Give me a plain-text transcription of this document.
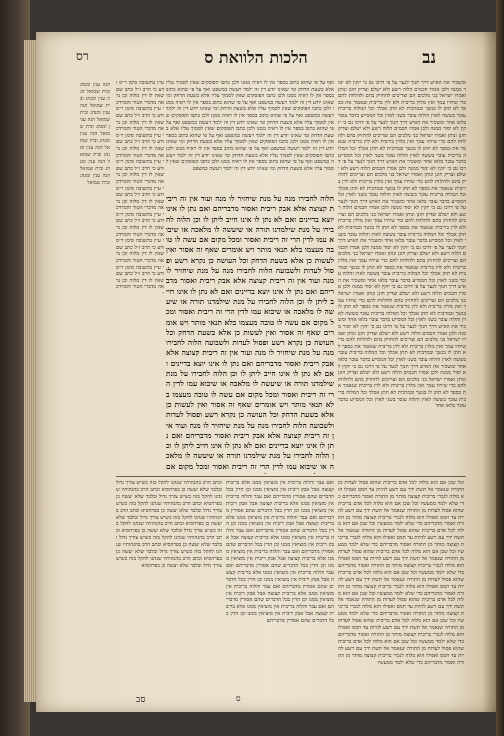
נב
הלכות הלוואת ס
רס
הגה ענין ומנהג ובית שמואל הגה ענין ומנהג ובית שמואל הגה ענין ומנהג ובית שמואל הגה ענין ומנהג ובית שמואל הגה ענין ומנהג ובית שמואל הגה ענין ומנהג ובית שמואל הגה ענין ומנהג ובית שמואל הגה ענין ומנהג ובית שמואל
ומשכיר את האיש דרך חנוך לנער על פי דרכו גם כי יזקין לא יסור ממנה ולכן אמרו חכמים הלוה רשע ולא ישלם וצדיק חונן ונותן ואמרו ישראל בני מלכים הם וצריכים להחזיק בהם ולהלוות להם כדי שיחיו עמך ואין מלוין בריבית ולא לוין בריבית שנאמר את כספך לא תתן לו בנשך ובמרבית לא תתן אכלך וכל המלוה בריבית עובר בששה לאוין והלוה עובר בשני לאוין וכל המסייע בדבר עובר בלאו אחד ומשכיר את האיש דרך חנוך לנער על פי דרכו גם כי יזקין לא יסור ממנה ולכן אמרו חכמים הלוה רשע ולא ישלם וצדיק חונן ונותן ואמרו ישראל בני מלכים הם וצריכים להחזיק בהם ולהלוות להם כדי שיחיו עמך ואין מלוין בריבית ולא לוין בריבית שנאמר את כספך לא תתן לו בנשך ובמרבית לא תתן אכלך וכל המלוה בריבית עובר בששה לאוין והלוה עובר בשני לאוין וכל המסייע בדבר עובר בלאו אחד ומשכיר את האיש דרך חנוך לנער על פי דרכו גם כי יזקין לא יסור ממנה ולכן אמרו חכמים הלוה רשע ולא ישלם וצדיק חונן ונותן ואמרו ישראל בני מלכים הם וצריכים להחזיק בהם ולהלוות להם כדי שיחיו עמך ואין מלוין בריבית ולא לוין בריבית שנאמר את כספך לא תתן לו בנשך ובמרבית לא תתן אכלך וכל המלוה בריבית עובר בששה לאוין והלוה עובר בשני לאוין וכל המסייע בדבר עובר בלאו אחד ומשכיר את האיש דרך חנוך לנער על פי דרכו גם כי יזקין לא יסור ממנה ולכן אמרו חכמים הלוה רשע ולא ישלם וצדיק חונן ונותן ואמרו ישראל בני מלכים הם וצריכים להחזיק בהם ולהלוות להם כדי שיחיו עמך ואין מלוין בריבית ולא לוין בריבית שנאמר את כספך לא תתן לו בנשך ובמרבית לא תתן אכלך וכל המלוה בריבית עובר בששה לאוין והלוה עובר בשני לאוין וכל המסייע בדבר עובר בלאו אחד ומשכיר את האיש דרך חנוך לנער על פי דרכו גם כי יזקין לא יסור ממנה ולכן אמרו חכמים הלוה רשע ולא ישלם וצדיק חונן ונותן ואמרו ישראל בני מלכים הם וצריכים להחזיק בהם ולהלוות להם כדי שיחיו עמך ואין מלוין בריבית ולא לוין בריבית שנאמר את כספך לא תתן לו בנשך ובמרבית לא תתן אכלך וכל המלוה בריבית עובר בששה לאוין והלוה עובר בשני לאוין וכל המסייע בדבר עובר בלאו אחד ומשכיר את האיש דרך חנוך לנער על פי דרכו גם כי יזקין לא יסור ממנה ולכן אמרו חכמים הלוה רשע ולא ישלם וצדיק חונן ונותן ואמרו ישראל בני מלכים הם וצריכים להחזיק בהם ולהלוות להם כדי שיחיו עמך ואין מלוין בריבית ולא לוין בריבית שנאמר את כספך לא תתן לו בנשך ובמרבית לא תתן אכלך וכל המלוה בריבית עובר בששה לאוין והלוה עובר בשני לאוין וכל המסייע בדבר עובר בלאו אחד ומשכיר את האיש דרך חנוך לנער על פי דרכו גם כי יזקין לא יסור ממנה ולכן אמרו חכמים הלוה רשע ולא ישלם וצדיק חונן ונותן ואמרו ישראל בני מלכים הם וצריכים להחזיק בהם ולהלוות להם כדי שיחיו עמך ואין מלוין בריבית ולא לוין בריבית שנאמר את כספך לא תתן לו בנשך ובמרבית לא תתן אכלך וכל המלוה בריבית עובר בששה לאוין והלוה עובר בשני לאוין וכל המסייע בדבר עובר בלאו אחד ומשכיר את האיש דרך חנוך לנער על פי דרכו גם כי יזקין לא יסור ממנה ולכן אמרו חכמים הלוה רשע ולא ישלם וצדיק חונן ונותן ואמרו ישראל בני מלכים הם וצריכים להחזיק בהם ולהלוות להם כדי שיחיו עמך ואין מלוין בריבית ולא לוין בריבית שנאמר את כספך לא תתן לו בנשך ובמרבית לא תתן אכלך וכל המלוה בריבית עובר בששה לאוין והלוה עובר בשני לאוין וכל המסייע בדבר עובר בלאו אחד
ואף על פי שהוא כתוב בספר אין לו ראיה ממנו ולכן כתבו הפוסקים שאין לסמוך עליו אלא בשעת הדחק ומי שאינו יודע דין זה ילמד ויעשה כמשפט ואף על פי שהוא כתוב בספר אין לו ראיה ממנו ולכן כתבו הפוסקים שאין לסמוך עליו אלא בשעת הדחק ומי שאינו יודע דין זה ילמד ויעשה כמשפט ואף על פי שהוא כתוב בספר אין לו ראיה ממנו ולכן כתבו הפוסקים שאין לסמוך עליו אלא בשעת הדחק ומי שאינו יודע דין זה ילמד ויעשה כמשפט ואף על פי שהוא כתוב בספר אין לו ראיה ממנו ולכן כתבו הפוסקים שאין לסמוך עליו אלא בשעת הדחק ומי שאינו יודע דין זה ילמד ויעשה כמשפט ואף על פי שהוא כתוב בספר אין לו ראיה ממנו ולכן כתבו הפוסקים שאין לסמוך עליו אלא בשעת הדחק ומי שאינו יודע דין זה ילמד ויעשה כמשפט ואף על פי שהוא כתוב בספר אין לו ראיה ממנו ולכן כתבו הפוסקים שאין לסמוך עליו אלא בשעת הדחק ומי שאינו יודע דין זה ילמד ויעשה כמשפט ואף על פי שהוא כתוב בספר אין לו ראיה ממנו ולכן כתבו הפוסקים שאין לסמוך עליו אלא בשעת הדחק ומי שאינו יודע דין זה ילמד ויעשה כמשפט ואף על פי שהוא כתוב בספר אין לו ראיה ממנו ולכן כתבו הפוסקים שאין לסמוך עליו אלא בשעת הדחק ומי שאינו יודע דין זה ילמד ויעשה כמשפט
עיין בתשובה סימן ר״ס ודע כי הרב ז״ל כתב שם שאין לו דין מלוה וכן נראה מדברי הטור והמרדכי עיין בתשובה סימן ר״ס ודע כי הרב ז״ל כתב שם שאין לו דין מלוה וכן נראה מדברי הטור והמרדכי עיין בתשובה סימן ר״ס ודע כי הרב ז״ל כתב שם שאין לו דין מלוה וכן נראה מדברי הטור והמרדכי עיין בתשובה סימן ר״ס ודע כי הרב ז״ל כתב שם שאין לו דין מלוה וכן נראה מדברי הטור והמרדכי עיין בתשובה סימן ר״ס ודע כי הרב ז״ל כתב שם שאין לו דין מלוה וכן נראה מדברי הטור והמרדכי עיין בתשובה סימן ר״ס ודע כי הרב ז״ל כתב שם שאין לו דין מלוה וכן נראה מדברי הטור והמרדכי עיין בתשובה סימן ר״ס ודע כי הרב ז״ל כתב שם שאין לו דין מלוה וכן נראה מדברי הטור והמרדכי עיין בתשובה סימן ר״ס ודע כי הרב ז״ל כתב שם שאין לו דין מלוה וכן נראה מדברי הטור והמרדכי
הלוה לחבירו מנה על מנת שיחזיר לו מנה ועוד אין זה ריבית קצוצה אלא אבק ריבית ואסור מדבריהם ואם נתן לו אינו יוצא בדיינים ואם לא נתן לו אינו חייב ליתן לו וכן הלוה לחבירו על מנת שילמדנו תורה או שיעשה לו מלאכה או שיבוא עמו לדין הרי זה ריבית ואסור ומכל מקום אם עשה לו טובה מעצמו בלא תנאי מותר ויש אומרים שאף זה אסור ואין לעשות כן אלא בשעת הדחק וכל העושה כן נקרא רשע ופסול לעדות ולשבועה הלוה לחבירו מנה על מנת שיחזיר לו מנה ועוד אין זה ריבית קצוצה אלא אבק ריבית ואסור מדבריהם ואם נתן לו אינו יוצא בדיינים ואם לא נתן לו אינו חייב ליתן לו וכן הלוה לחבירו על מנת שילמדנו תורה או שיעשה לו מלאכה או שיבוא עמו לדין הרי זה ריבית ואסור ומכל מקום אם עשה לו טובה מעצמו בלא תנאי מותר ויש אומרים שאף זה אסור ואין לעשות כן אלא בשעת הדחק וכל העושה כן נקרא רשע ופסול לעדות ולשבועה הלוה לחבירו מנה על מנת שיחזיר לו מנה ועוד אין זה ריבית קצוצה אלא אבק ריבית ואסור מדבריהם ואם נתן לו אינו יוצא בדיינים ואם לא נתן לו אינו חייב ליתן לו וכן הלוה לחבירו על מנת שילמדנו תורה או שיעשה לו מלאכה או שיבוא עמו לדין הרי זה ריבית ואסור ומכל מקום אם עשה לו טובה מעצמו בלא תנאי מותר ויש אומרים שאף זה אסור ואין לעשות כן אלא בשעת הדחק וכל העושה כן נקרא רשע ופסול לעדות ולשבועה הלוה לחבירו מנה על מנת שיחזיר לו מנה ועוד אין זה ריבית קצוצה אלא אבק ריבית ואסור מדבריהם ואם נתן לו אינו יוצא בדיינים ואם לא נתן לו אינו חייב ליתן לו וכן הלוה לחבירו על מנת שילמדנו תורה או שיעשה לו מלאכה או שיבוא עמו לדין הרי זה ריבית ואסור ומכל מקום אם
וכל שכן אם הוא מלוה לכל אדם בריבית שהוא פסול לעדות מן התורה שנאמר אל תשת ידך עם רשע להיות עד חמס ואפילו הוא מלוה לנכרי בריבית קצוצה מותר מן התורה ואסור מדבריהם כדי שלא ילמד ממעשיו וכל שכן אם הוא מלוה לכל אדם בריבית שהוא פסול לעדות מן התורה שנאמר אל תשת ידך עם רשע להיות עד חמס ואפילו הוא מלוה לנכרי בריבית קצוצה מותר מן התורה ואסור מדבריהם כדי שלא ילמד ממעשיו וכל שכן אם הוא מלוה לכל אדם בריבית שהוא פסול לעדות מן התורה שנאמר אל תשת ידך עם רשע להיות עד חמס ואפילו הוא מלוה לנכרי בריבית קצוצה מותר מן התורה ואסור מדבריהם כדי שלא ילמד ממעשיו וכל שכן אם הוא מלוה לכל אדם בריבית שהוא פסול לעדות מן התורה שנאמר אל תשת ידך עם רשע להיות עד חמס ואפילו הוא מלוה לנכרי בריבית קצוצה מותר מן התורה ואסור מדבריהם כדי שלא ילמד ממעשיו וכל שכן אם הוא מלוה לכל אדם בריבית שהוא פסול לעדות מן התורה שנאמר אל תשת ידך עם רשע להיות עד חמס ואפילו הוא מלוה לנכרי בריבית קצוצה מותר מן התורה ואסור מדבריהם כדי שלא ילמד ממעשיו וכל שכן אם הוא מלוה לכל אדם בריבית שהוא פסול לעדות מן התורה שנאמר אל תשת ידך עם רשע להיות עד חמס ואפילו הוא מלוה לנכרי בריבית קצוצה מותר מן התורה ואסור מדבריהם כדי שלא ילמד ממעשיו וכל שכן אם הוא מלוה לכל אדם בריבית שהוא פסול לעדות מן התורה שנאמר אל תשת ידך עם רשע להיות עד חמס ואפילו הוא מלוה לנכרי בריבית קצוצה מותר מן התורה ואסור מדבריהם כדי שלא ילמד ממעשיו וכל שכן אם הוא מלוה לכל אדם בריבית שהוא פסול לעדות מן התורה שנאמר אל תשת ידך עם רשע להיות עד חמס ואפילו הוא מלוה לנכרי בריבית קצוצה מותר מן התורה ואסור מדבריהם כדי שלא ילמד ממעשיו
ואם עבר והלוה בריבית אין מוציאין ממנו אלא בריבית קצוצה אבל אבק ריבית אין מוציאין ממנו וכן הדין בכל הדברים שהם אסורין מדבריהם ואם עבר והלוה בריבית אין מוציאין ממנו אלא בריבית קצוצה אבל אבק ריבית אין מוציאין ממנו וכן הדין בכל הדברים שהם אסורין מדבריהם ואם עבר והלוה בריבית אין מוציאין ממנו אלא בריבית קצוצה אבל אבק ריבית אין מוציאין ממנו וכן הדין בכל הדברים שהם אסורין מדבריהם ואם עבר והלוה בריבית אין מוציאין ממנו אלא בריבית קצוצה אבל אבק ריבית אין מוציאין ממנו וכן הדין בכל הדברים שהם אסורין מדבריהם ואם עבר והלוה בריבית אין מוציאין ממנו אלא בריבית קצוצה אבל אבק ריבית אין מוציאין ממנו וכן הדין בכל הדברים שהם אסורין מדבריהם ואם עבר והלוה בריבית אין מוציאין ממנו אלא בריבית קצוצה אבל אבק ריבית אין מוציאין ממנו וכן הדין בכל הדברים שהם אסורין מדבריהם ואם עבר והלוה בריבית אין מוציאין ממנו אלא בריבית קצוצה אבל אבק ריבית אין מוציאין ממנו וכן הדין בכל הדברים שהם אסורין מדבריהם ואם עבר והלוה בריבית אין מוציאין ממנו אלא בריבית קצוצה אבל אבק ריבית אין מוציאין ממנו וכן הדין בכל הדברים שהם אסורין מדבריהם
וכתב הרב בהגהותיו שנהגו להקל בזה כשיש צורך גדול ובלבד שלא יעשה כן בפרהסיא וכתב הרב בהגהותיו שנהגו להקל בזה כשיש צורך גדול ובלבד שלא יעשה כן בפרהסיא וכתב הרב בהגהותיו שנהגו להקל בזה כשיש צורך גדול ובלבד שלא יעשה כן בפרהסיא וכתב הרב בהגהותיו שנהגו להקל בזה כשיש צורך גדול ובלבד שלא יעשה כן בפרהסיא וכתב הרב בהגהותיו שנהגו להקל בזה כשיש צורך גדול ובלבד שלא יעשה כן בפרהסיא וכתב הרב בהגהותיו שנהגו להקל בזה כשיש צורך גדול ובלבד שלא יעשה כן בפרהסיא וכתב הרב בהגהותיו שנהגו להקל בזה כשיש צורך גדול ובלבד שלא יעשה כן בפרהסיא וכתב הרב בהגהותיו שנהגו להקל בזה כשיש צורך גדול ובלבד שלא יעשה כן בפרהסיא
סב	ס
